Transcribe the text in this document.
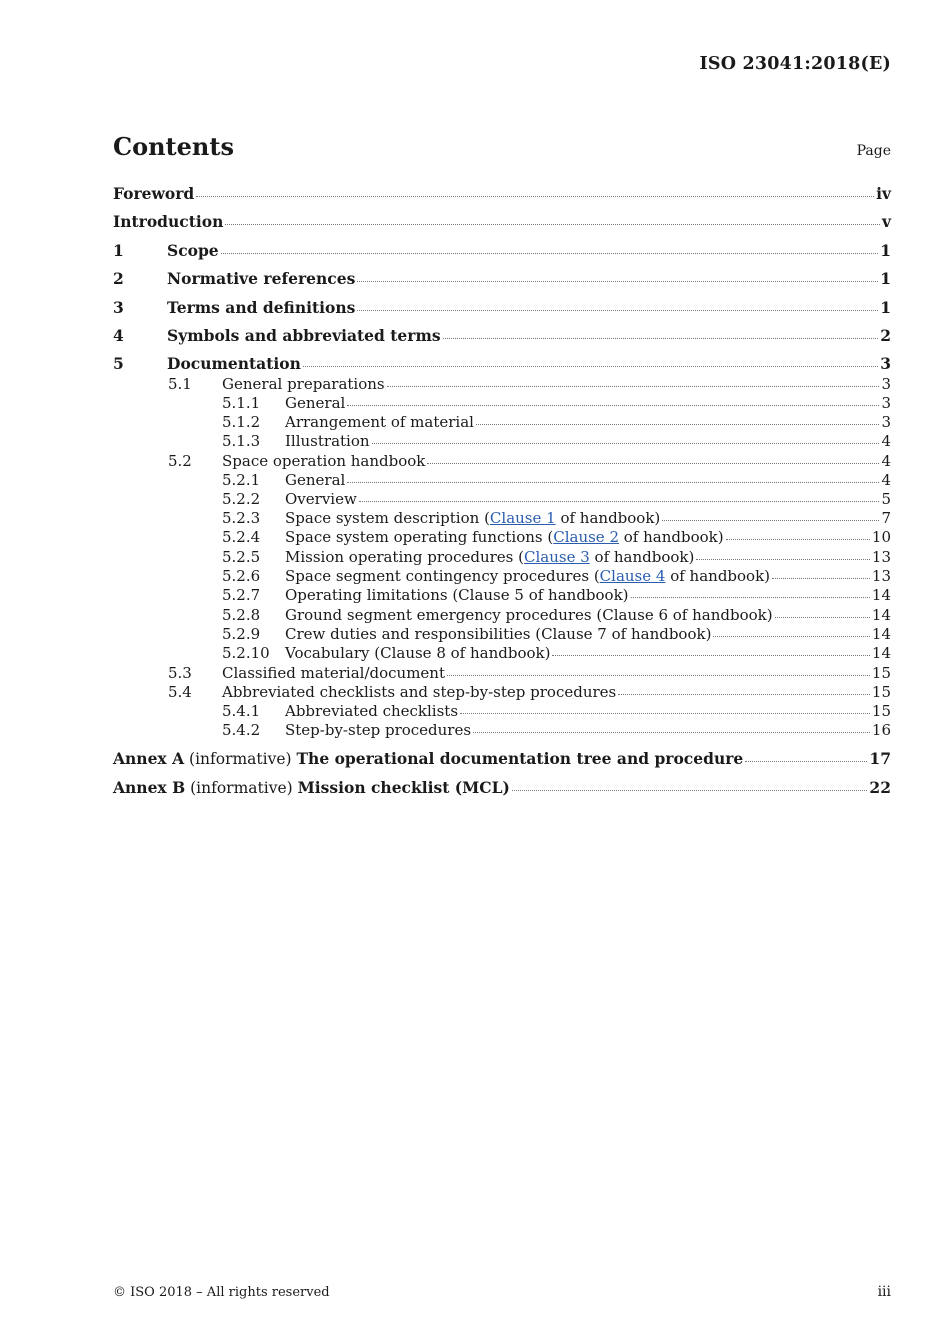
ISO 23041:2018(E)
Contents	Page
Foreword	iv
Introduction	v
1	Scope	1
2	Normative references	1
3	Terms and definitions	1
4	Symbols and abbreviated terms	2
5	Documentation	3
5.1 General preparations	3
5.1.1 General	3
5.1.2 Arrangement of material	3
5.1.3 Illustration	4
5.2 Space operation handbook	4
5.2.1 General	4
5.2.2 Overview	5
5.2.3 Space system description (Clause 1 of handbook)	7
5.2.4 Space system operating functions (Clause 2 of handbook)	10
5.2.5 Mission operating procedures (Clause 3 of handbook)	13
5.2.6 Space segment contingency procedures (Clause 4 of handbook)	13
5.2.7 Operating limitations (Clause 5 of handbook)	14
5.2.8 Ground segment emergency procedures (Clause 6 of handbook)	14
5.2.9 Crew duties and responsibilities (Clause 7 of handbook)	14
5.2.10 Vocabulary (Clause 8 of handbook)	14
5.3 Classified material/document	15
5.4 Abbreviated checklists and step-by-step procedures	15
5.4.1 Abbreviated checklists	15
5.4.2 Step-by-step procedures	16
Annex A (informative) The operational documentation tree and procedure	17
Annex B (informative) Mission checklist (MCL)	22
© ISO 2018 – All rights reserved	iii
